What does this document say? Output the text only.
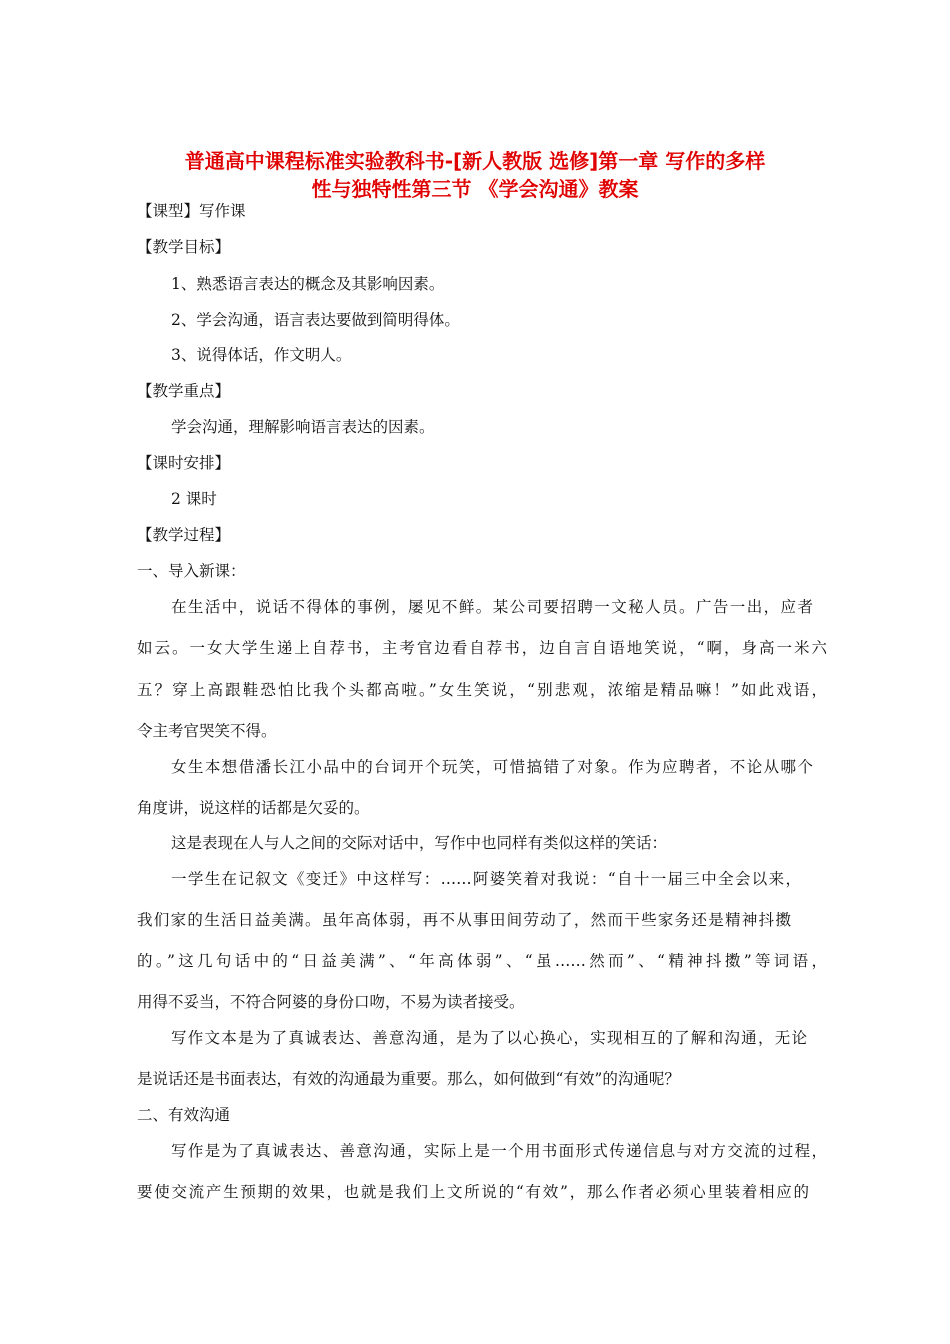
普通高中课程标准实验教科书-[新人教版 选修]第一章 写作的多样
性与独特性第三节 《学会沟通》教案
【课型】写作课
【教学目标】
1、熟悉语言表达的概念及其影响因素。
2、学会沟通，语言表达要做到简明得体。
3、说得体话，作文明人。
【教学重点】
学会沟通，理解影响语言表达的因素。
【课时安排】
2 课时
【教学过程】
一、导入新课：
在生活中，说话不得体的事例，屡见不鲜。某公司要招聘一文秘人员。广告一出，应者
如云。一女大学生递上自荐书，主考官边看自荐书，边自言自语地笑说，“啊，身高一米六
五？穿上高跟鞋恐怕比我个头都高啦。”女生笑说，“别悲观，浓缩是精品嘛！”如此戏语，
令主考官哭笑不得。
女生本想借潘长江小品中的台词开个玩笑，可惜搞错了对象。作为应聘者，不论从哪个
角度讲，说这样的话都是欠妥的。
这是表现在人与人之间的交际对话中，写作中也同样有类似这样的笑话：
一学生在记叙文《变迁》中这样写：……阿婆笑着对我说：“自十一届三中全会以来，
我们家的生活日益美满。虽年高体弱，再不从事田间劳动了，然而干些家务还是精神抖擞
的。”这几句话中的“日益美满”、“年高体弱”、“虽……然而”、“精神抖擞”等词语，
用得不妥当，不符合阿婆的身份口吻，不易为读者接受。
写作文本是为了真诚表达、善意沟通，是为了以心换心，实现相互的了解和沟通，无论
是说话还是书面表达，有效的沟通最为重要。那么，如何做到“有效”的沟通呢？
二、有效沟通
写作是为了真诚表达、善意沟通，实际上是一个用书面形式传递信息与对方交流的过程，
要使交流产生预期的效果，也就是我们上文所说的“有效”，那么作者必须心里装着相应的
